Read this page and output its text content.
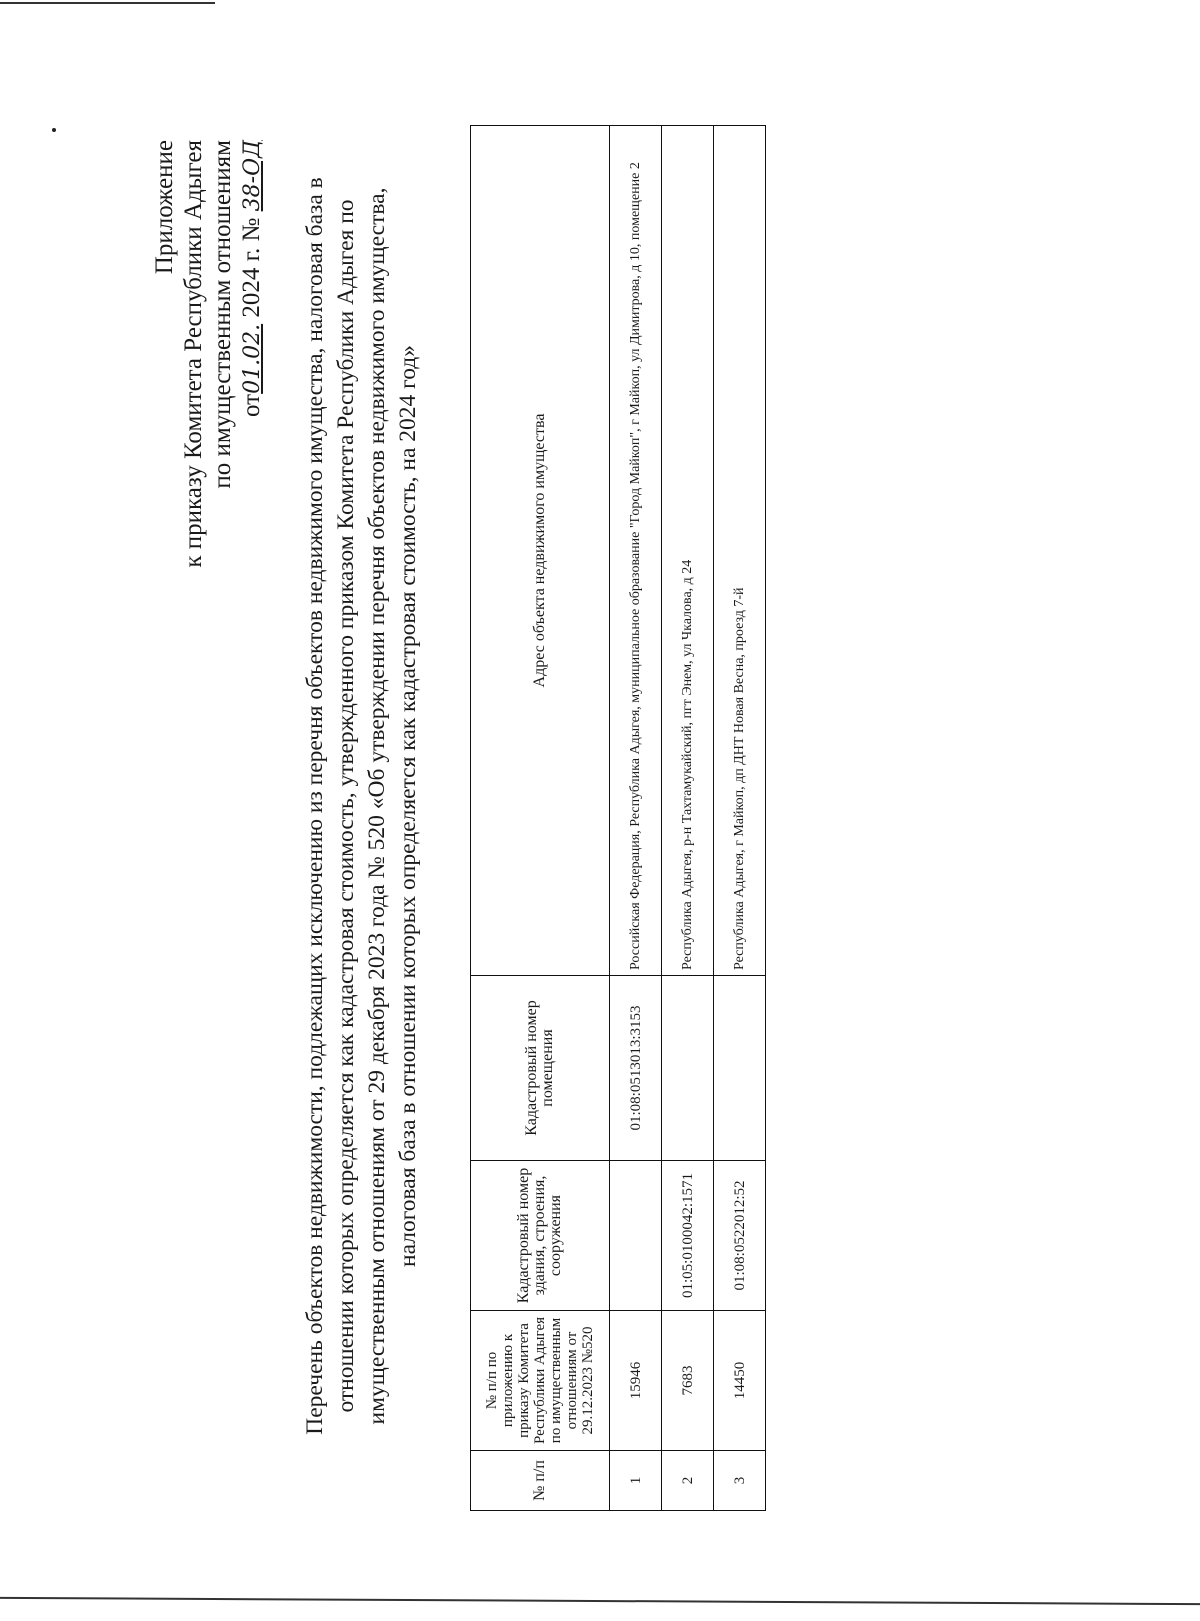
Приложение к приказу Комитета Республики Адыгея по имущественным отношениям от01.02. 2024 г. № 38-ОД
Перечень объектов недвижимости, подлежащих исключению из перечня объектов недвижимого имущества, налоговая база в отношении которых определяется как кадастровая стоимость, утвержденного приказом Комитета Республики Адыгея по имущественным отношениям от 29 декабря 2023 года № 520 «Об утверждении перечня объектов недвижимого имущества, налоговая база в отношении которых определяется как кадастровая стоимость, на 2024 год»
№ п/п	№ п/п по приложению к приказу Комитета Республики Адыгея по имущественным отношениям от 29.12.2023 №520	Кадастровый номер здания, строения, сооружения	Кадастровый номер помещения	Адрес объекта недвижимого имущества
1	15946		01:08:0513013:3153	Российская Федерация, Республика Адыгея, муниципальное образование "Город Майкоп", г Майкоп, ул Димитрова, д 10, помещение 2
2	7683	01:05:0100042:1571		Республика Адыгея, р-н Тахтамукайский, пгт Энем, ул Чкалова, д 24
3	14450	01:08:0522012:52		Республика Адыгея, г Майкоп, дп ДНТ Новая Весна, проезд 7-й
